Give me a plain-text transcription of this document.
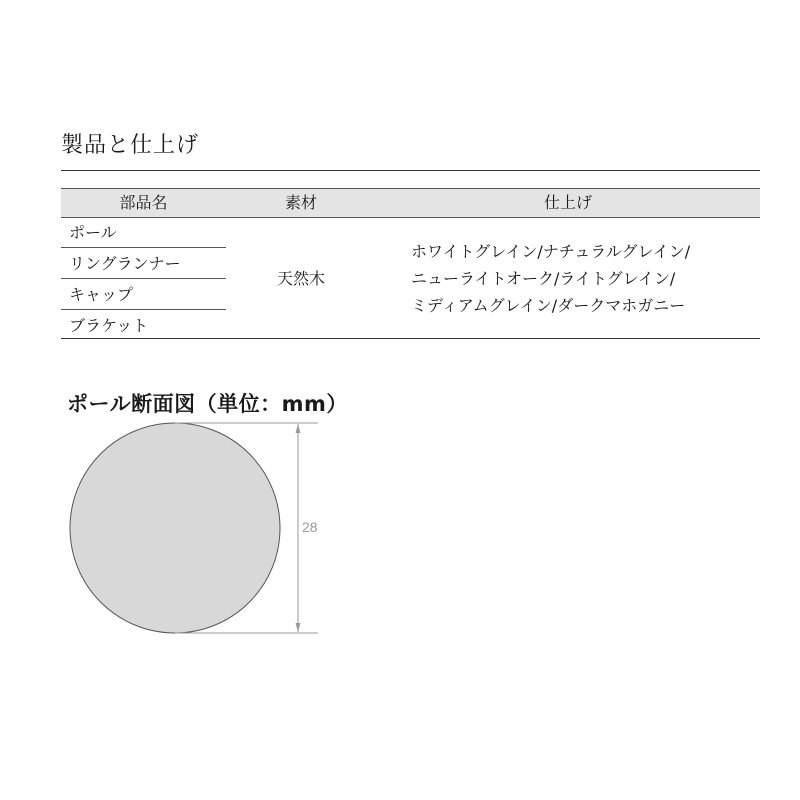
製品と仕上げ
部品名	素材	仕上げ
ポール
リングランナー
キャップ
ブラケット
天然木
ホワイトグレイン/ナチュラルグレイン/
ニューライトオーク/ライトグレイン/
ミディアムグレイン/ダークマホガニー
ポール断面図（単位：mm）
28
